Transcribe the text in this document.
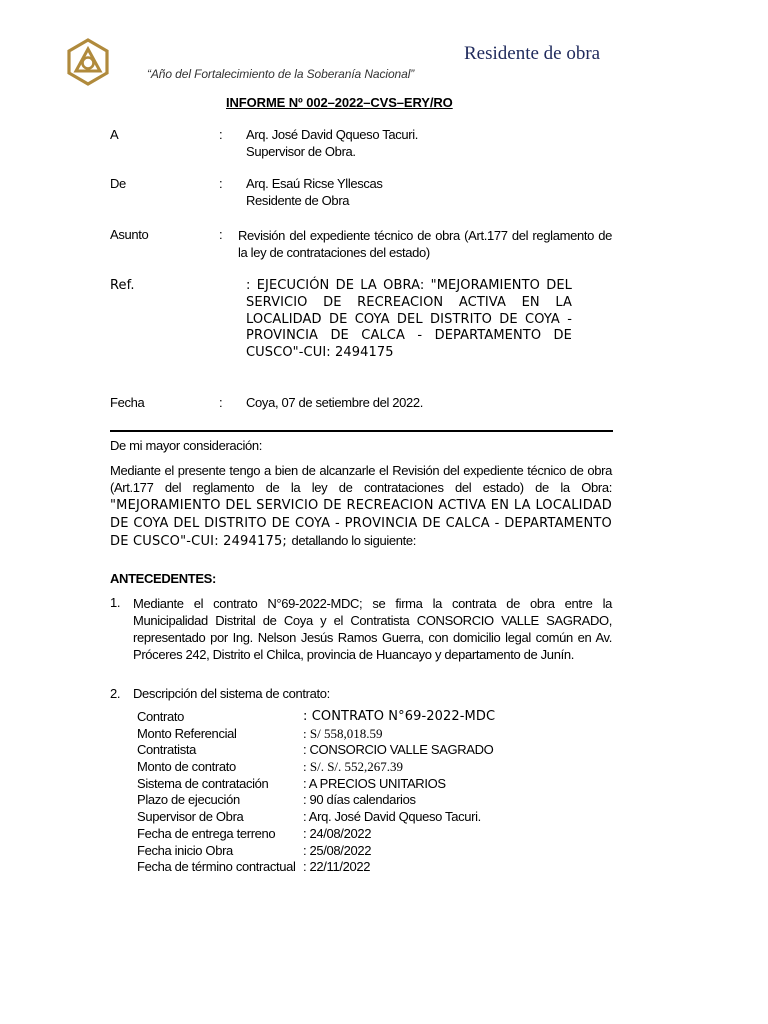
Residente de obra
“Año del Fortalecimiento de la Soberanía Nacional”
INFORME Nº 002–2022–CVS–ERY/RO
A	: Arq. José David Qqueso Tacuri.
Supervisor de Obra.
De	: Arq. Esaú Ricse Yllescas
Residente de Obra
Asunto	: Revisión del expediente técnico de obra (Art.177 del reglamento de la ley de contrataciones del estado)
Ref.	: EJECUCIÓN DE LA OBRA: "MEJORAMIENTO DEL SERVICIO DE RECREACION ACTIVA EN LA LOCALIDAD DE COYA DEL DISTRITO DE COYA - PROVINCIA DE CALCA - DEPARTAMENTO DE CUSCO"-CUI: 2494175
Fecha	: Coya, 07 de setiembre del 2022.
De mi mayor consideración:
Mediante el presente tengo a bien de alcanzarle el Revisión del expediente técnico de obra (Art.177 del reglamento de la ley de contrataciones del estado) de la Obra: "MEJORAMIENTO DEL SERVICIO DE RECREACION ACTIVA EN LA LOCALIDAD DE COYA DEL DISTRITO DE COYA - PROVINCIA DE CALCA - DEPARTAMENTO DE CUSCO"-CUI: 2494175; detallando lo siguiente:
ANTECEDENTES:
1. Mediante el contrato N°69-2022-MDC; se firma la contrata de obra entre la Municipalidad Distrital de Coya y el Contratista CONSORCIO VALLE SAGRADO, representado por Ing. Nelson Jesús Ramos Guerra, con domicilio legal común en Av. Próceres 242, Distrito el Chilca, provincia de Huancayo y departamento de Junín.
2. Descripción del sistema de contrato:
Contrato	: CONTRATO N°69-2022-MDC
Monto Referencial	: S/ 558,018.59
Contratista	: CONSORCIO VALLE SAGRADO
Monto de contrato	: S/. S/. 552,267.39
Sistema de contratación	: A PRECIOS UNITARIOS
Plazo de ejecución	: 90 días calendarios
Supervisor de Obra	: Arq. José David Qqueso Tacuri.
Fecha de entrega terreno	: 24/08/2022
Fecha inicio Obra	: 25/08/2022
Fecha de término contractual	: 22/11/2022
